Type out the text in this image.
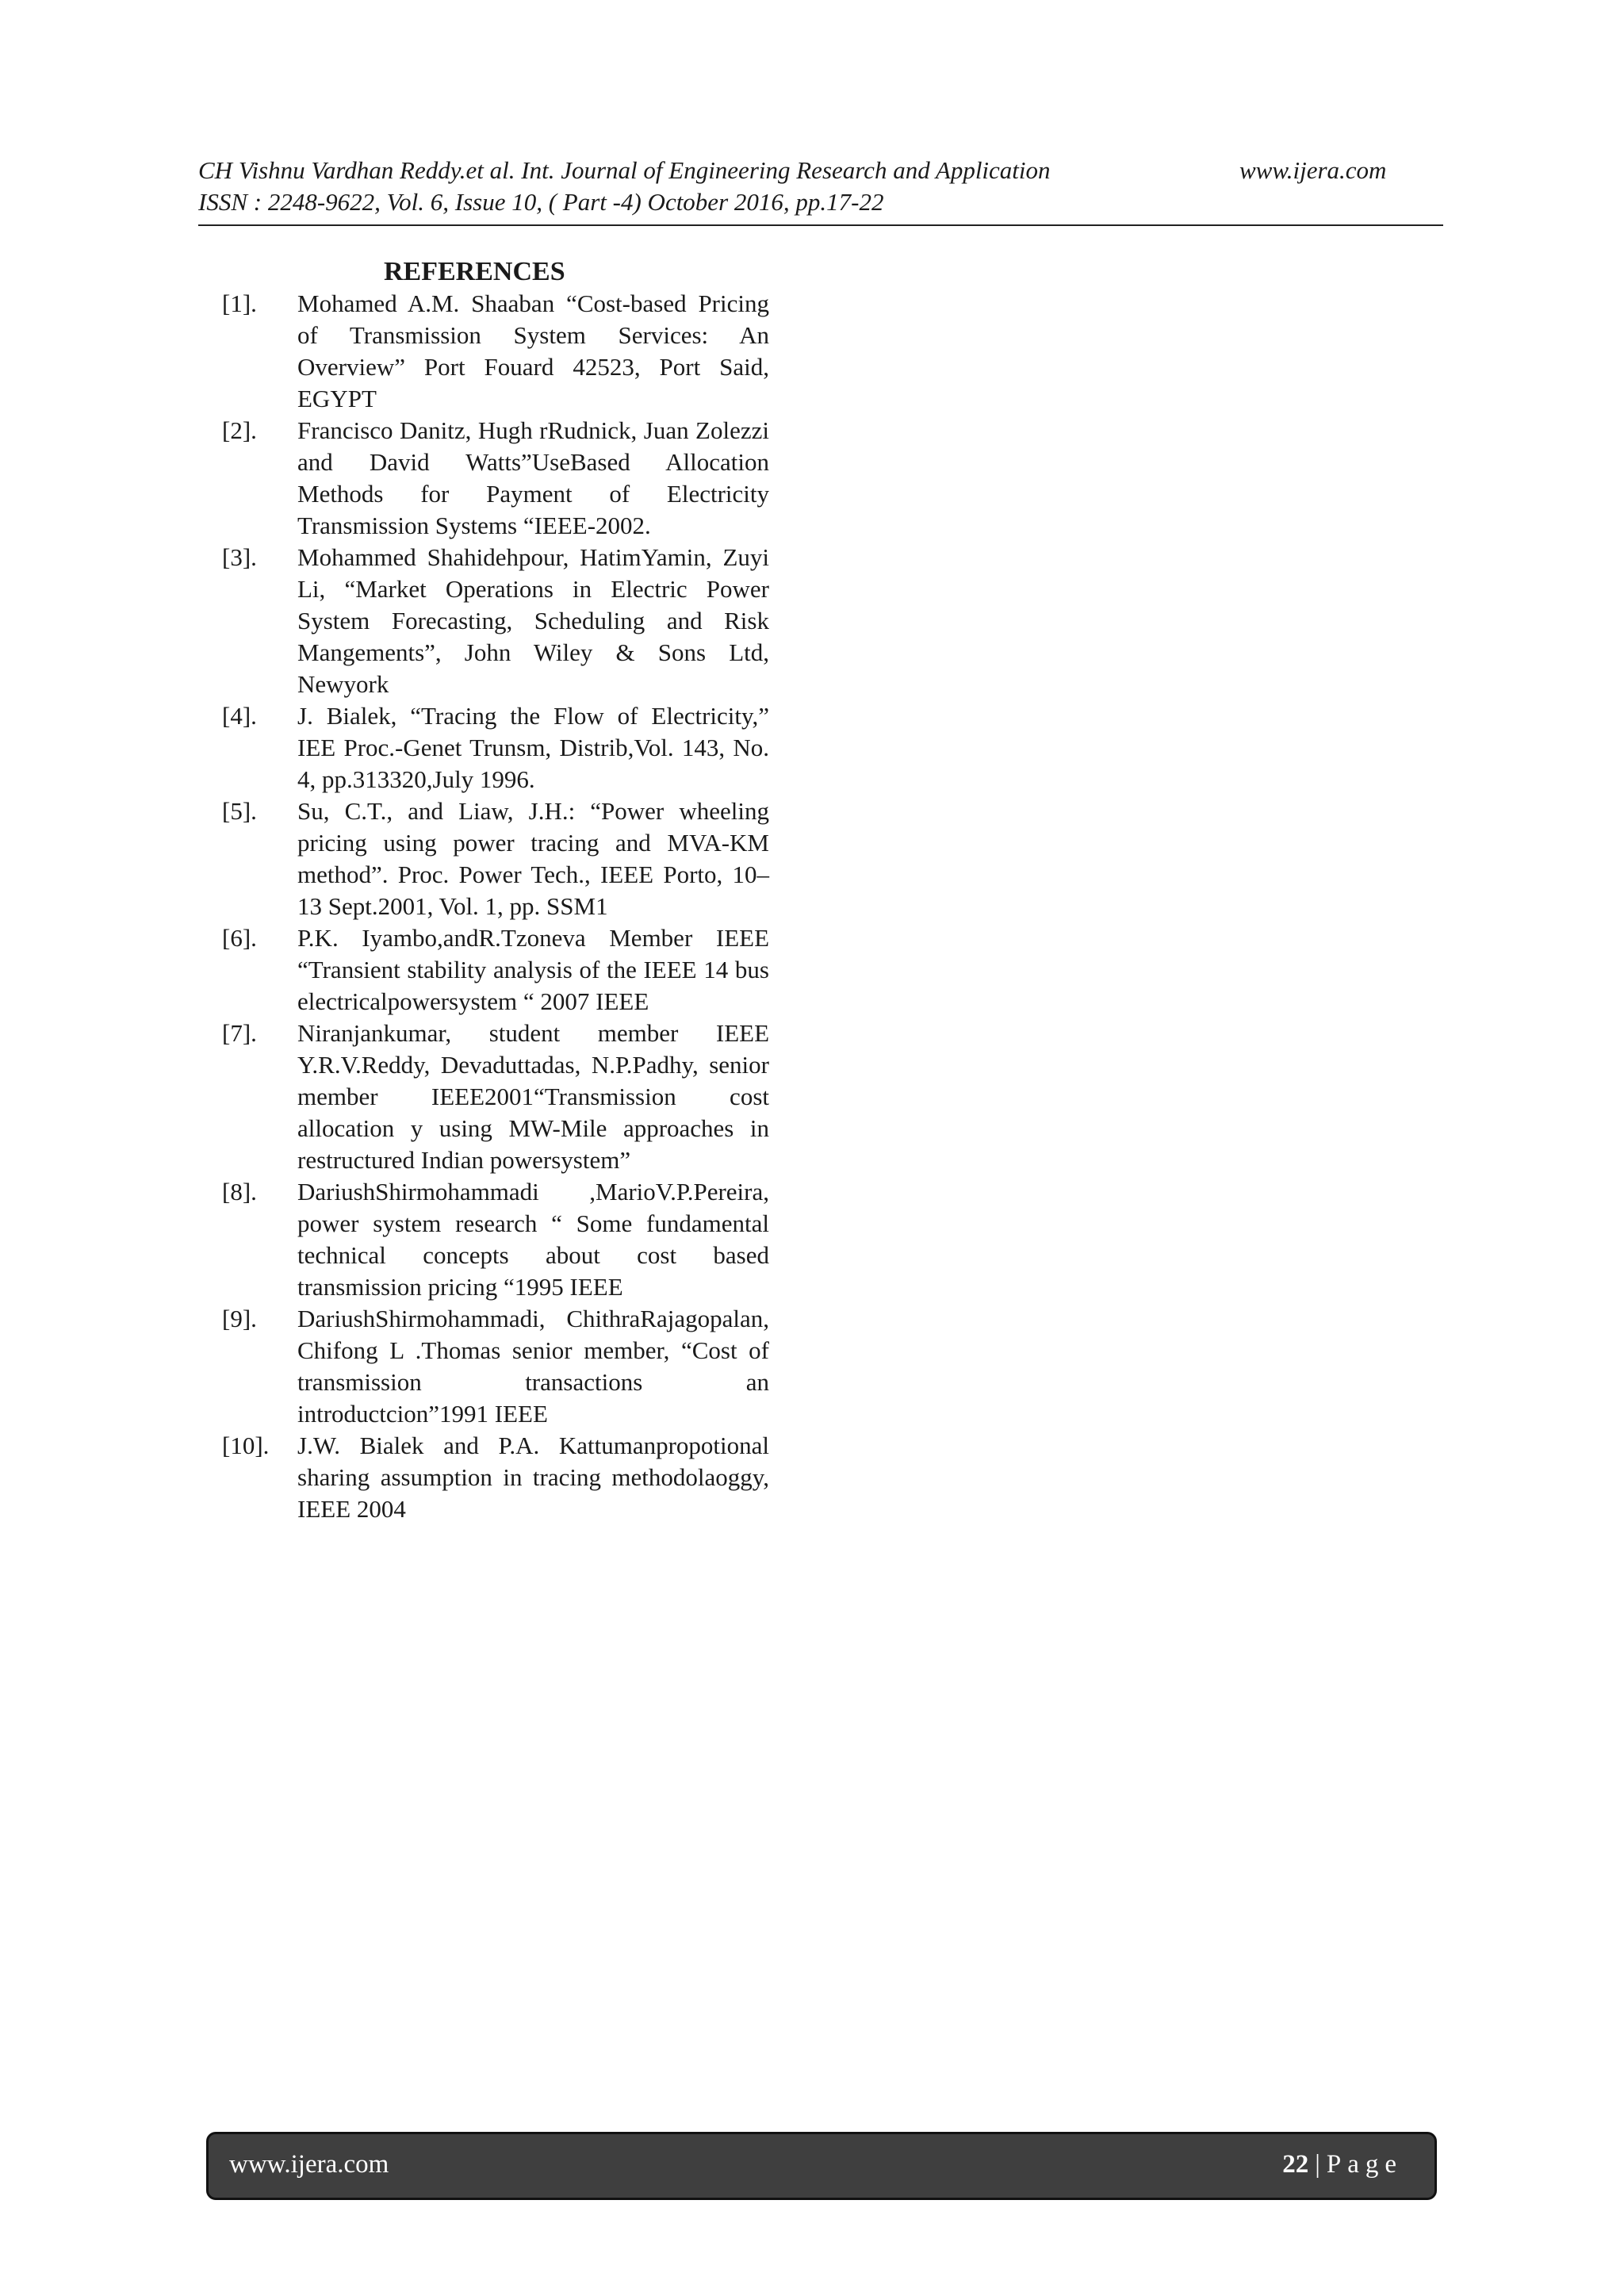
CH Vishnu Vardhan Reddy.et al. Int. Journal of Engineering Research and Application	www.ijera.com
ISSN : 2248-9622, Vol. 6, Issue 10, ( Part -4) October 2016, pp.17-22
REFERENCES
[1].	Mohamed A.M. Shaaban “Cost-based Pricing of Transmission System Services: An Overview” Port Fouard 42523, Port Said, EGYPT
[2].	Francisco Danitz, Hugh rRudnick, Juan Zolezzi and David Watts”UseBased Allocation Methods for Payment of Electricity Transmission Systems “IEEE-2002.
[3].	Mohammed Shahidehpour, HatimYamin, Zuyi Li, “Market Operations in Electric Power System Forecasting, Scheduling and Risk Mangements”, John Wiley & Sons Ltd, Newyork
[4].	J. Bialek, “Tracing the Flow of Electricity,” IEE Proc.-Genet Trunsm, Distrib,Vol. 143, No. 4, pp.313320,July 1996.
[5].	Su, C.T., and Liaw, J.H.: “Power wheeling pricing using power tracing and MVA-KM method”. Proc. Power Tech., IEEE Porto, 10–13 Sept.2001, Vol. 1, pp. SSM1
[6].	P.K. Iyambo,andR.Tzoneva Member IEEE “Transient stability analysis of the IEEE 14 bus electricalpowersystem “ 2007 IEEE
[7].	Niranjankumar, student member IEEE Y.R.V.Reddy, Devaduttadas, N.P.Padhy, senior member IEEE2001“Transmission cost allocation y using MW-Mile approaches in restructured Indian powersystem”
[8].	DariushShirmohammadi ,MarioV.P.Pereira, power system research “ Some fundamental technical concepts about cost based transmission pricing “1995 IEEE
[9].	DariushShirmohammadi, ChithraRajagopalan, Chifong L .Thomas senior member, “Cost of transmission transactions an introductcion”1991 IEEE
[10].	J.W. Bialek and P.A. Kattumanpropotional sharing assumption in tracing methodolaoggy, IEEE 2004
www.ijera.com	22 | Page
